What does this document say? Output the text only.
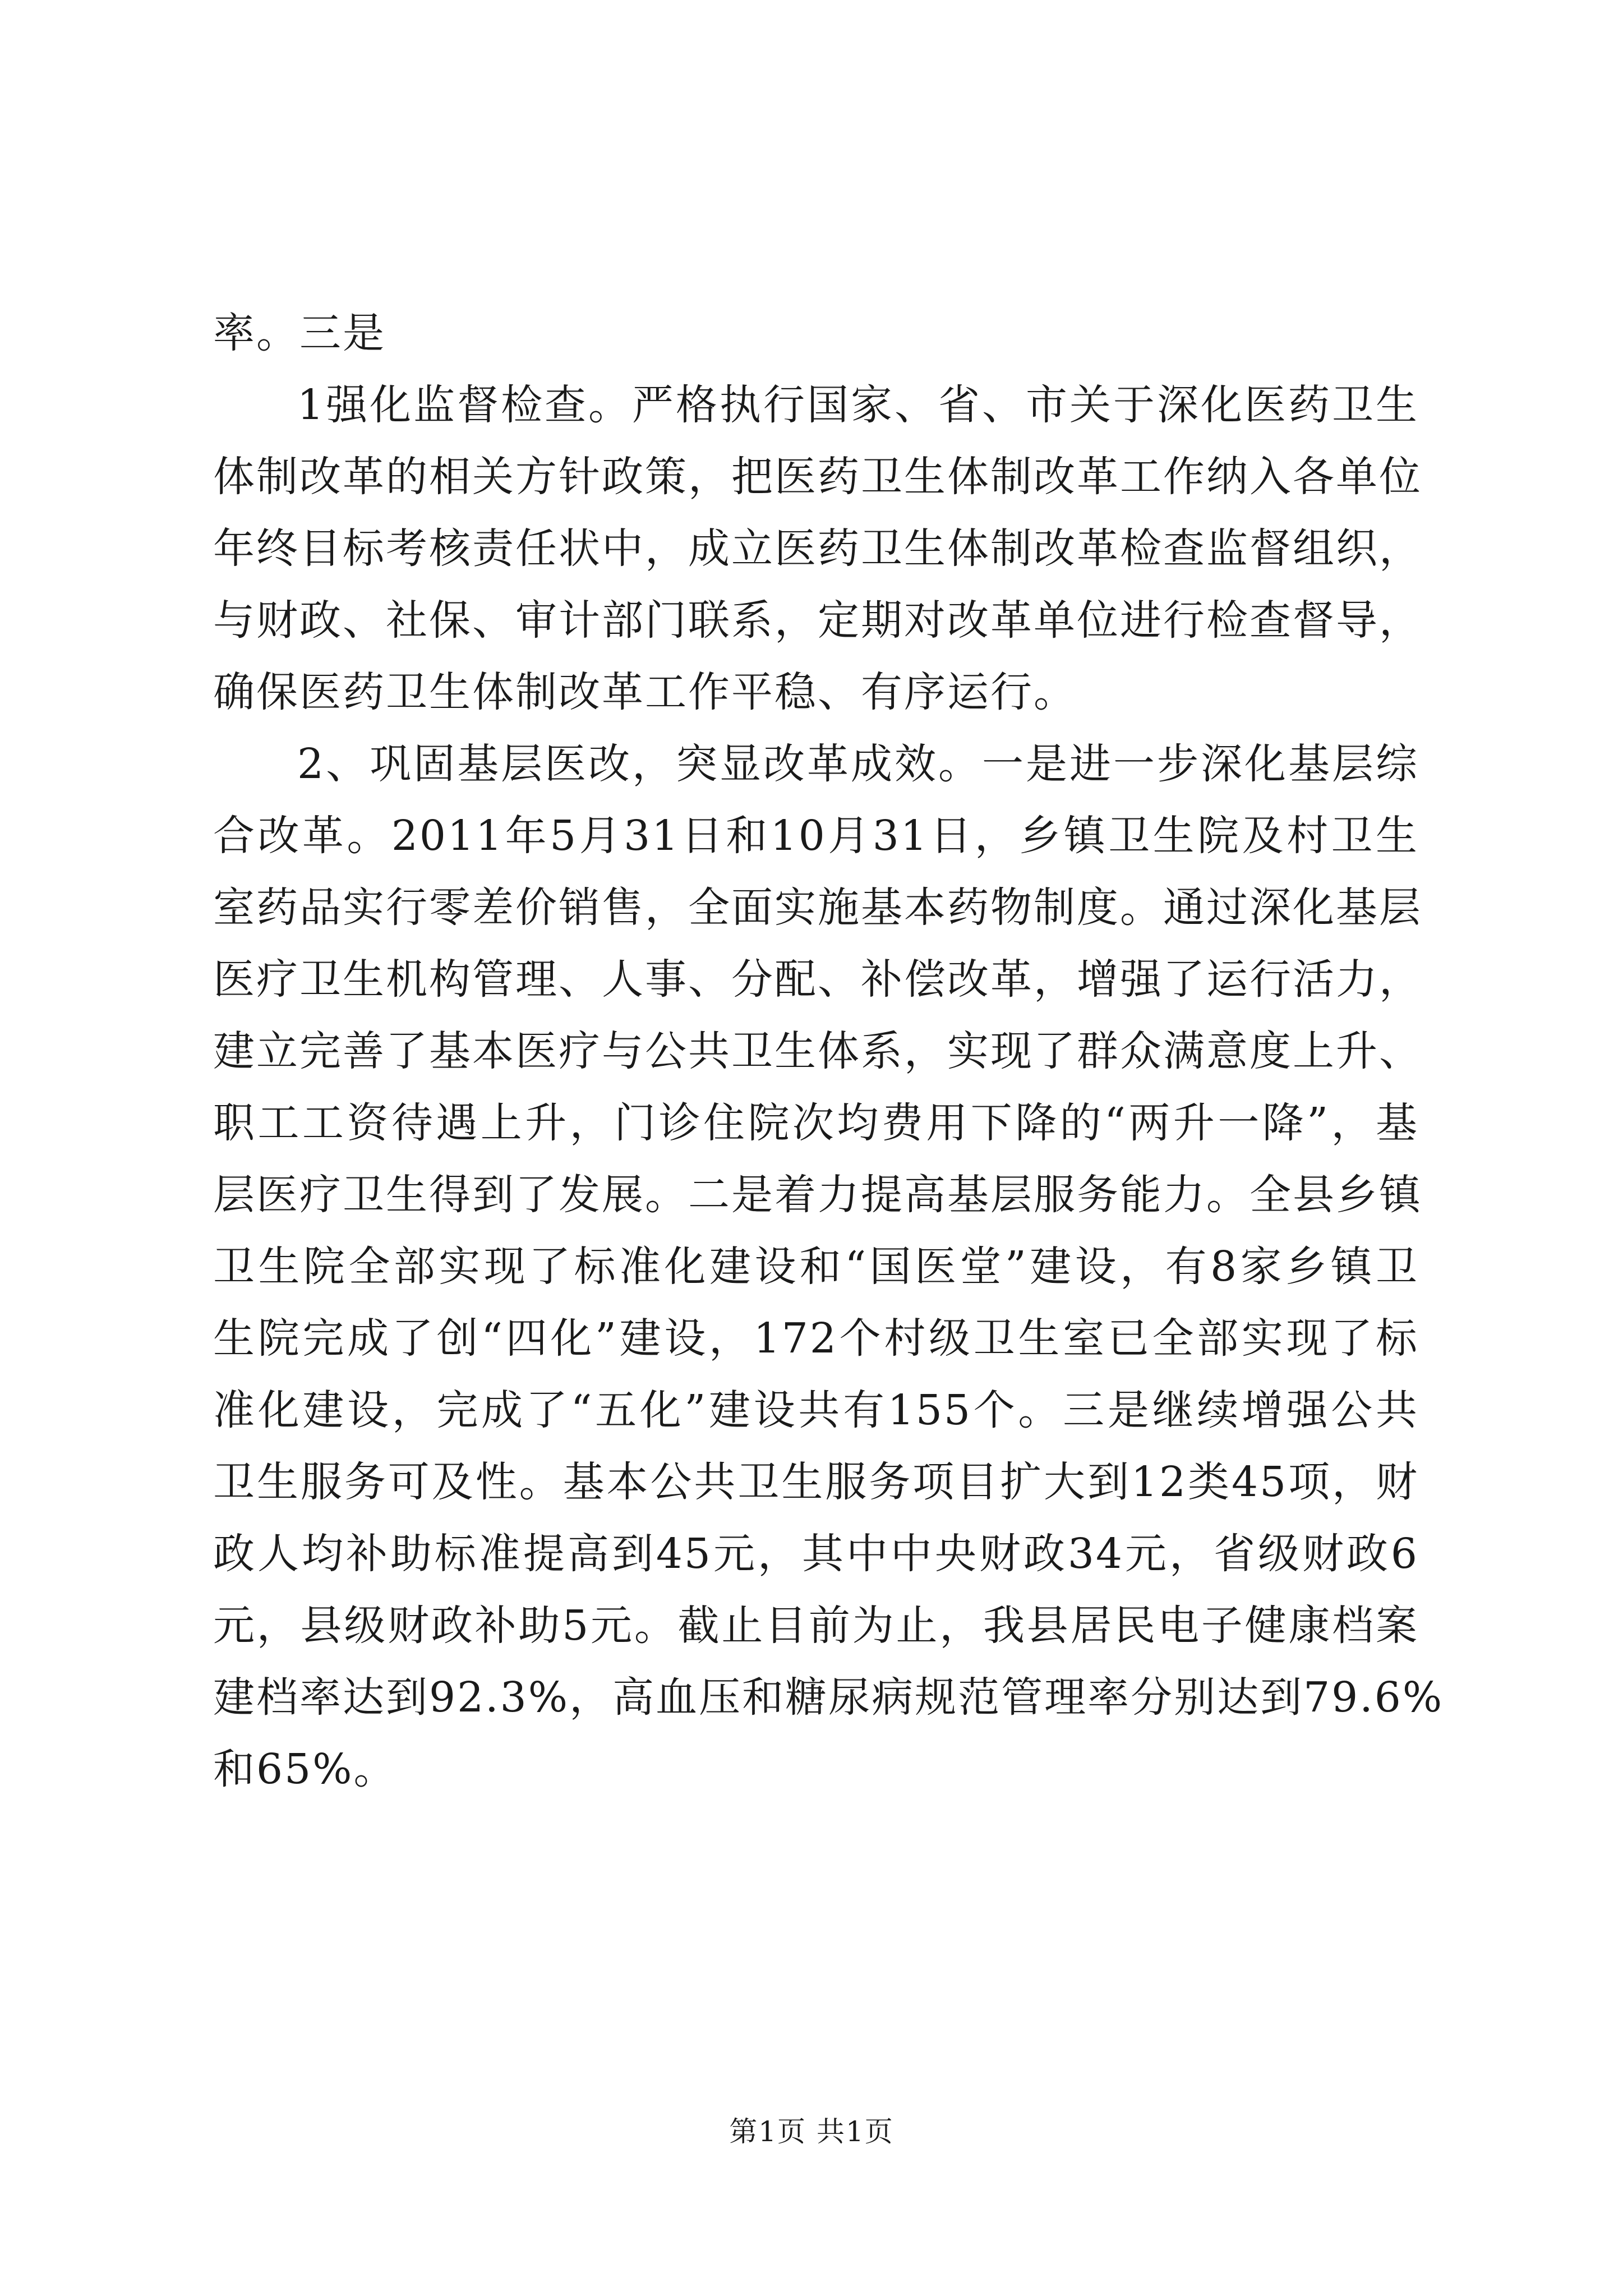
率。三是
1强化监督检查。严格执行国家、省、市关于深化医药卫生
体制改革的相关方针政策，把医药卫生体制改革工作纳入各单位
年终目标考核责任状中，成立医药卫生体制改革检查监督组织，
与财政、社保、审计部门联系，定期对改革单位进行检查督导，
确保医药卫生体制改革工作平稳、有序运行。
2、巩固基层医改，突显改革成效。一是进一步深化基层综
合改革。2011年5月31日和10月31日，乡镇卫生院及村卫生
室药品实行零差价销售，全面实施基本药物制度。通过深化基层
医疗卫生机构管理、人事、分配、补偿改革，增强了运行活力，
建立完善了基本医疗与公共卫生体系，实现了群众满意度上升、
职工工资待遇上升，门诊住院次均费用下降的“两升一降”，基
层医疗卫生得到了发展。二是着力提高基层服务能力。全县乡镇
卫生院全部实现了标准化建设和“国医堂”建设，有8家乡镇卫
生院完成了创“四化”建设，172个村级卫生室已全部实现了标
准化建设，完成了“五化”建设共有155个。三是继续增强公共
卫生服务可及性。基本公共卫生服务项目扩大到12类45项，财
政人均补助标准提高到45元，其中中央财政34元，省级财政6
元，县级财政补助5元。截止目前为止，我县居民电子健康档案
建档率达到92.3%，高血压和糖尿病规范管理率分别达到79.6%
和65%。
第1页 共1页
